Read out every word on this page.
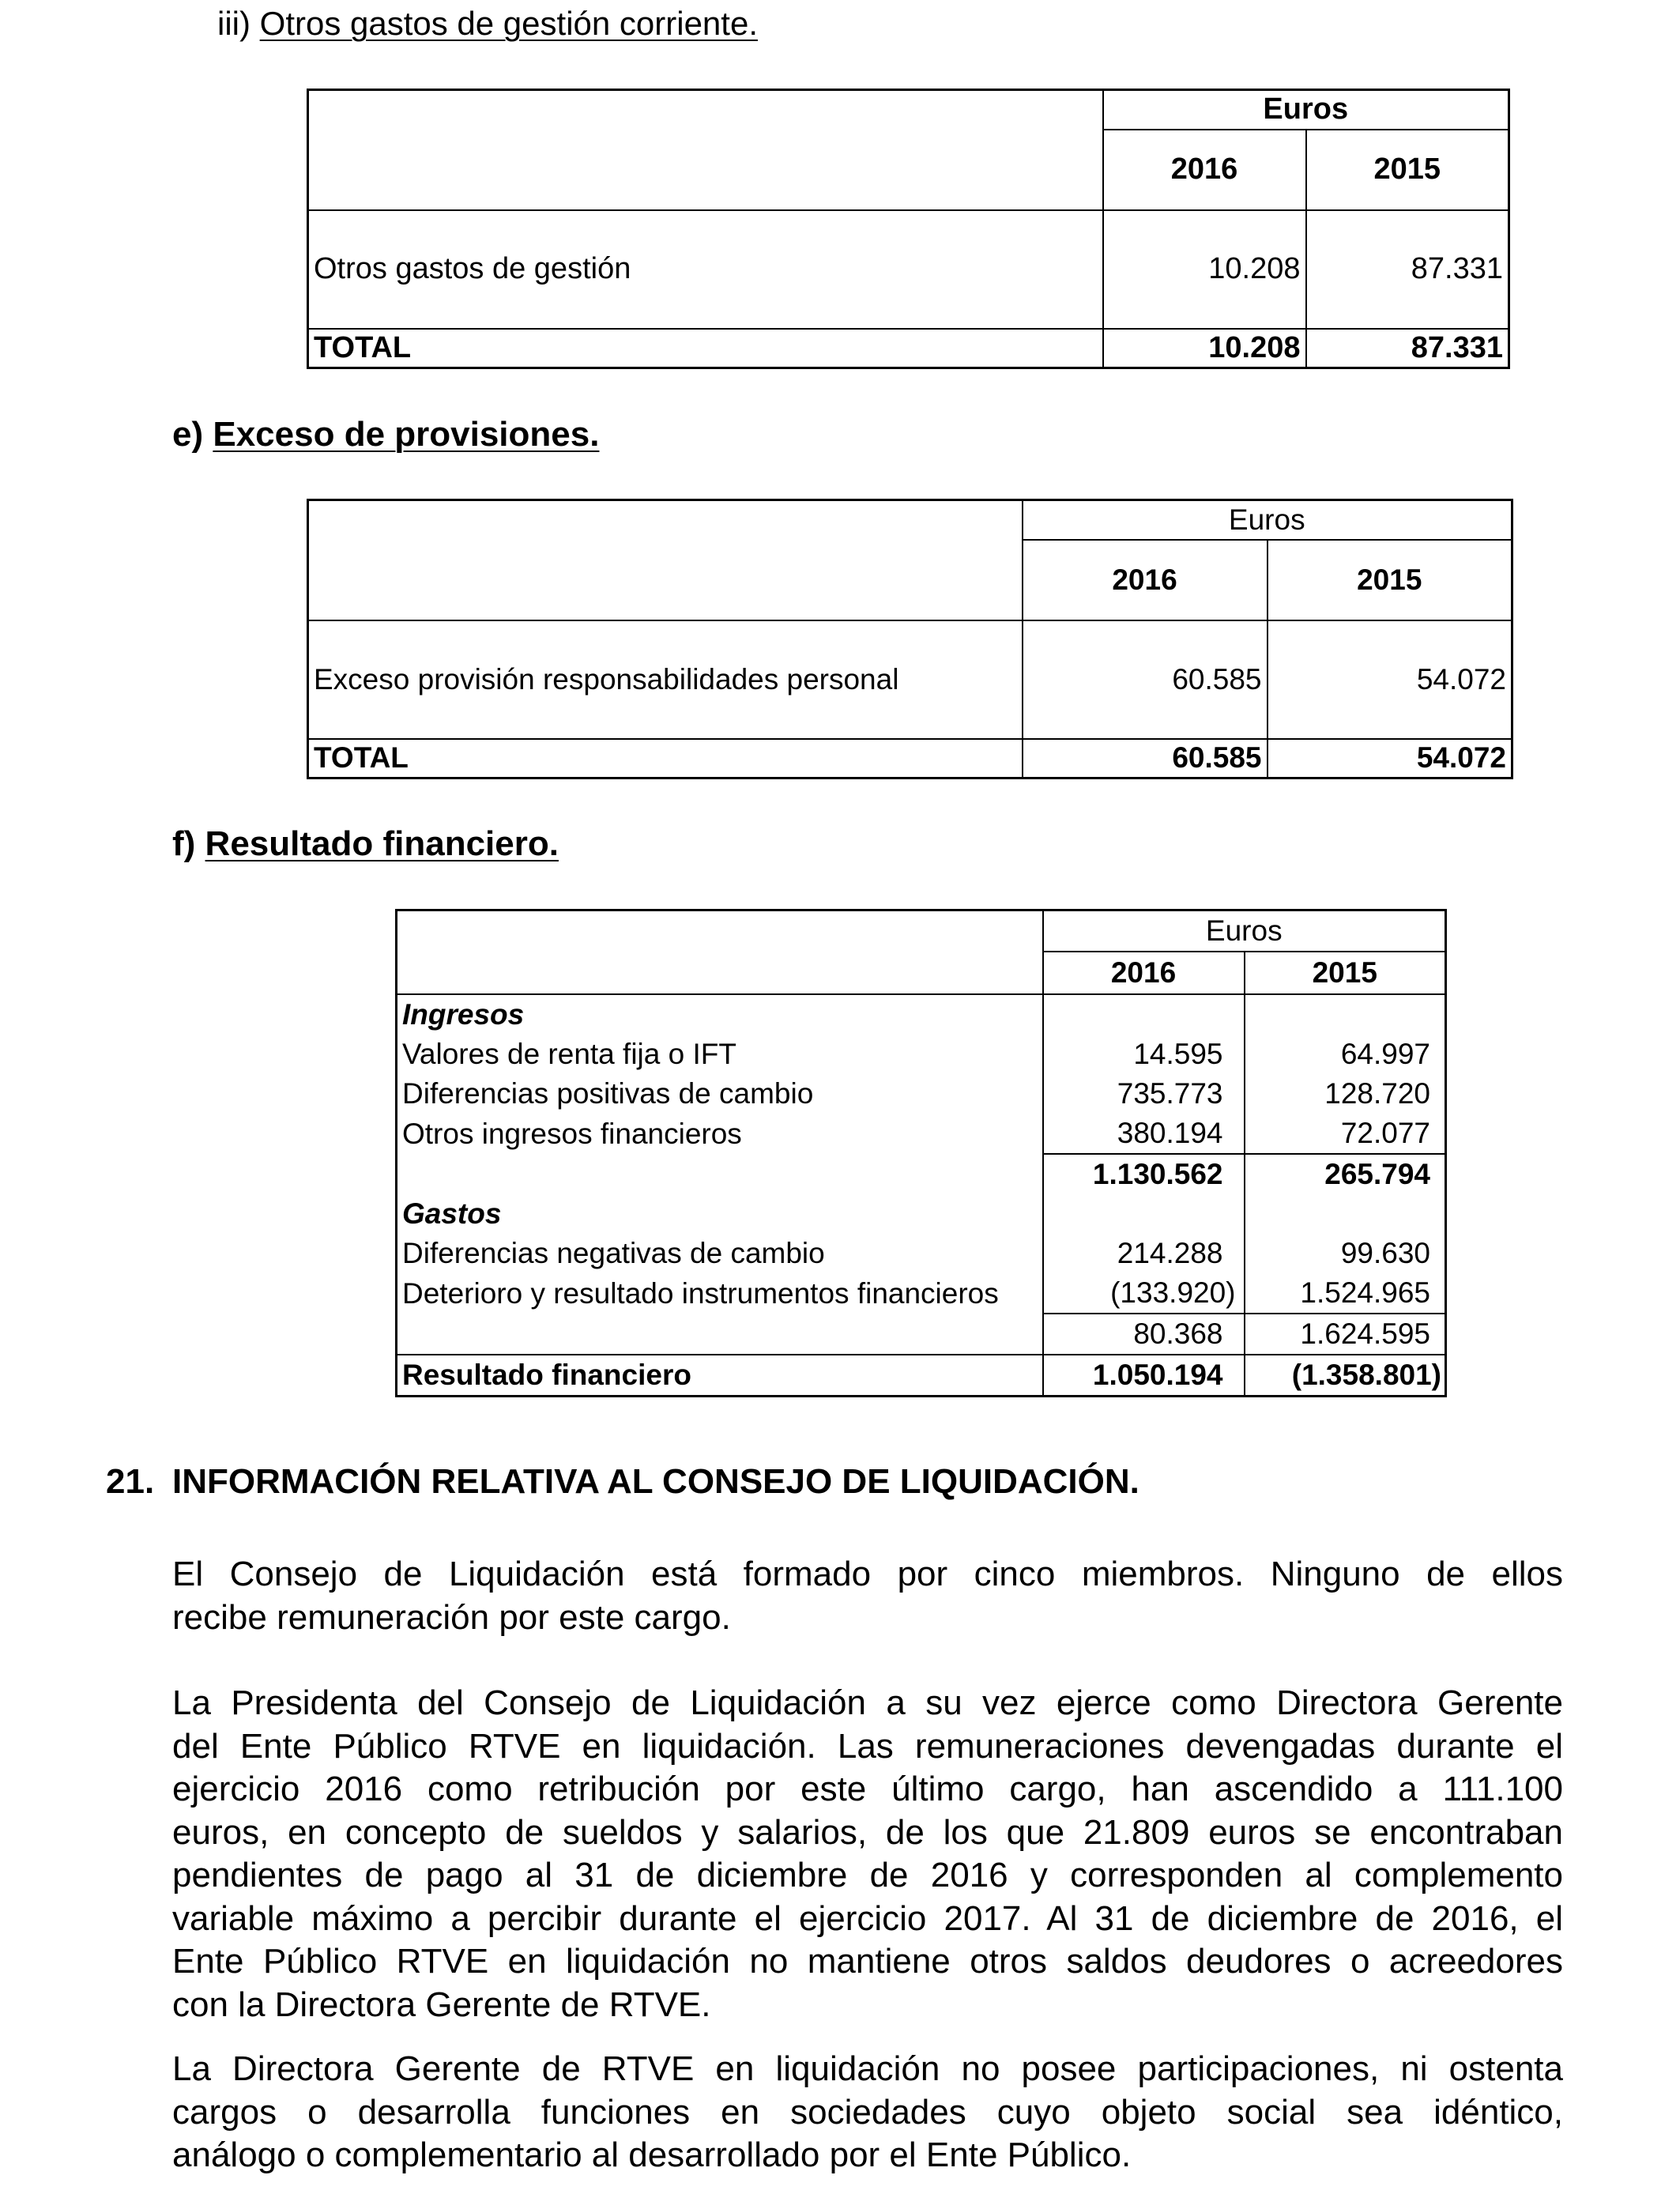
iii) Otros gastos de gestión corriente.
	Euros	
	2016	2015
Otros gastos de gestión	10.208	87.331
TOTAL	10.208	87.331
e) Exceso de provisiones.
	Euros	
	2016	2015
Exceso provisión responsabilidades personal	60.585	54.072
TOTAL	60.585	54.072
f) Resultado financiero.
	Euros	
	2016	2015
Ingresos		
Valores de renta fija o IFT	14.595	64.997
Diferencias positivas de cambio	735.773	128.720
Otros ingresos financieros	380.194	72.077
	1.130.562	265.794
Gastos		
Diferencias negativas de cambio	214.288	99.630
Deterioro y resultado instrumentos financieros	(133.920)	1.524.965
	80.368	1.624.595
Resultado financiero	1.050.194	(1.358.801)
21. INFORMACIÓN RELATIVA AL CONSEJO DE LIQUIDACIÓN.
El Consejo de Liquidación está formado por cinco miembros. Ninguno de ellos
recibe remuneración por este cargo.
La Presidenta del Consejo de Liquidación a su vez ejerce como Directora Gerente
del Ente Público RTVE en liquidación. Las remuneraciones devengadas durante el
ejercicio 2016 como retribución por este último cargo, han ascendido a 111.100
euros, en concepto de sueldos y salarios, de los que 21.809 euros se encontraban
pendientes de pago al 31 de diciembre de 2016 y corresponden al complemento
variable máximo a percibir durante el ejercicio 2017. Al 31 de diciembre de 2016, el
Ente Público RTVE en liquidación no mantiene otros saldos deudores o acreedores
con la Directora Gerente de RTVE.
La Directora Gerente de RTVE en liquidación no posee participaciones, ni ostenta
cargos o desarrolla funciones en sociedades cuyo objeto social sea idéntico,
análogo o complementario al desarrollado por el Ente Público.
